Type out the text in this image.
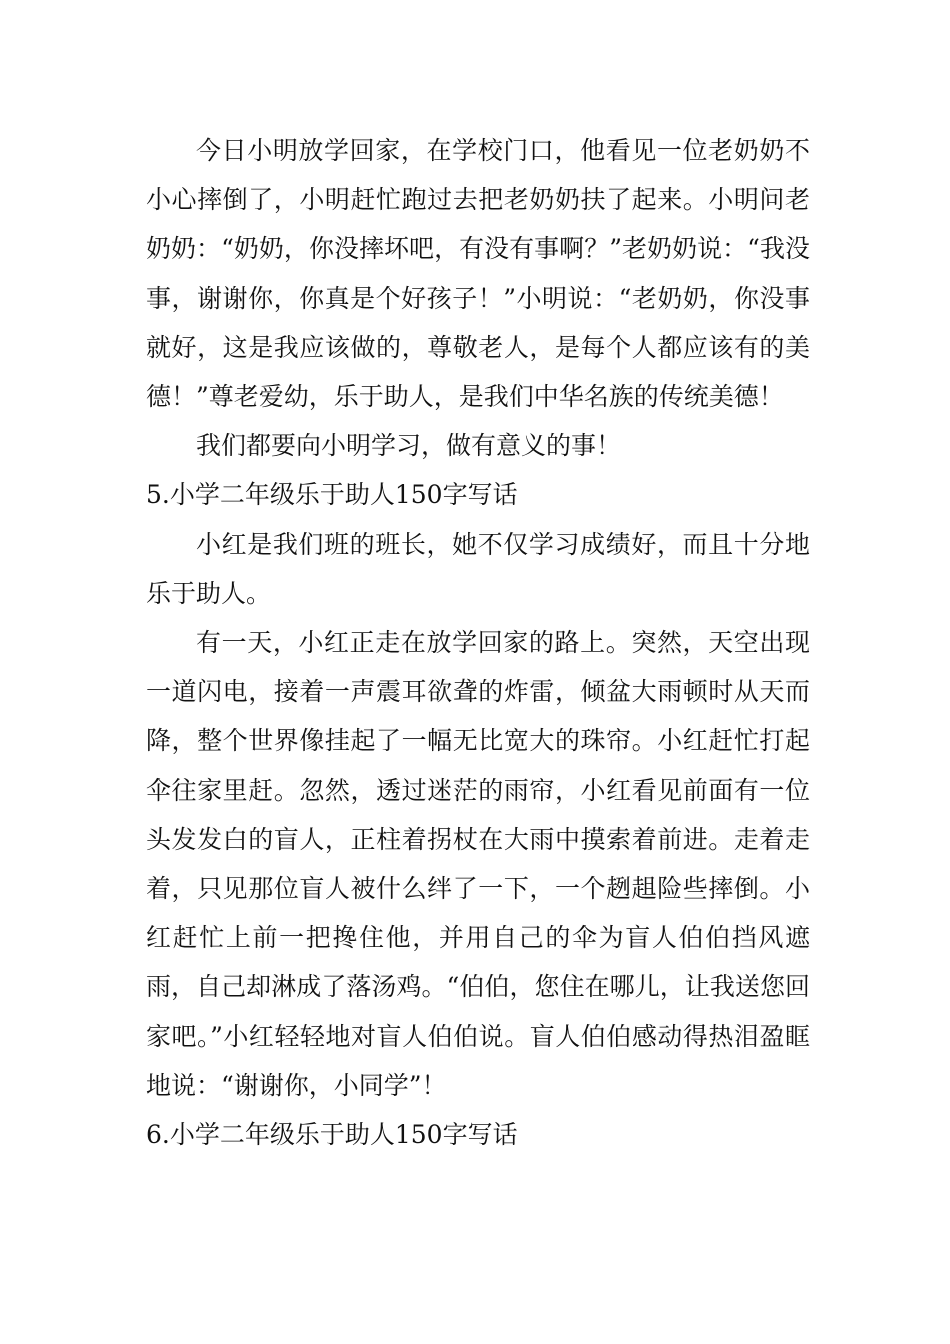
今日小明放学回家，在学校门口，他看见一位老奶奶不小心摔倒了，小明赶忙跑过去把老奶奶扶了起来。小明问老奶奶：“奶奶，你没摔坏吧，有没有事啊？”老奶奶说：“我没事，谢谢你，你真是个好孩子！”小明说：“老奶奶，你没事就好，这是我应该做的，尊敬老人，是每个人都应该有的美德！”尊老爱幼，乐于助人，是我们中华名族的传统美德！

我们都要向小明学习，做有意义的事！

5.小学二年级乐于助人150字写话

小红是我们班的班长，她不仅学习成绩好，而且十分地乐于助人。

有一天，小红正走在放学回家的路上。突然，天空出现一道闪电，接着一声震耳欲聋的炸雷，倾盆大雨顿时从天而降，整个世界像挂起了一幅无比宽大的珠帘。小红赶忙打起伞往家里赶。忽然，透过迷茫的雨帘，小红看见前面有一位头发发白的盲人，正柱着拐杖在大雨中摸索着前进。走着走着，只见那位盲人被什么绊了一下，一个趔趄险些摔倒。小红赶忙上前一把搀住他，并用自己的伞为盲人伯伯挡风遮雨，自己却淋成了落汤鸡。“伯伯，您住在哪儿，让我送您回家吧。”小红轻轻地对盲人伯伯说。盲人伯伯感动得热泪盈眶地说：“谢谢你，小同学”！

6.小学二年级乐于助人150字写话
